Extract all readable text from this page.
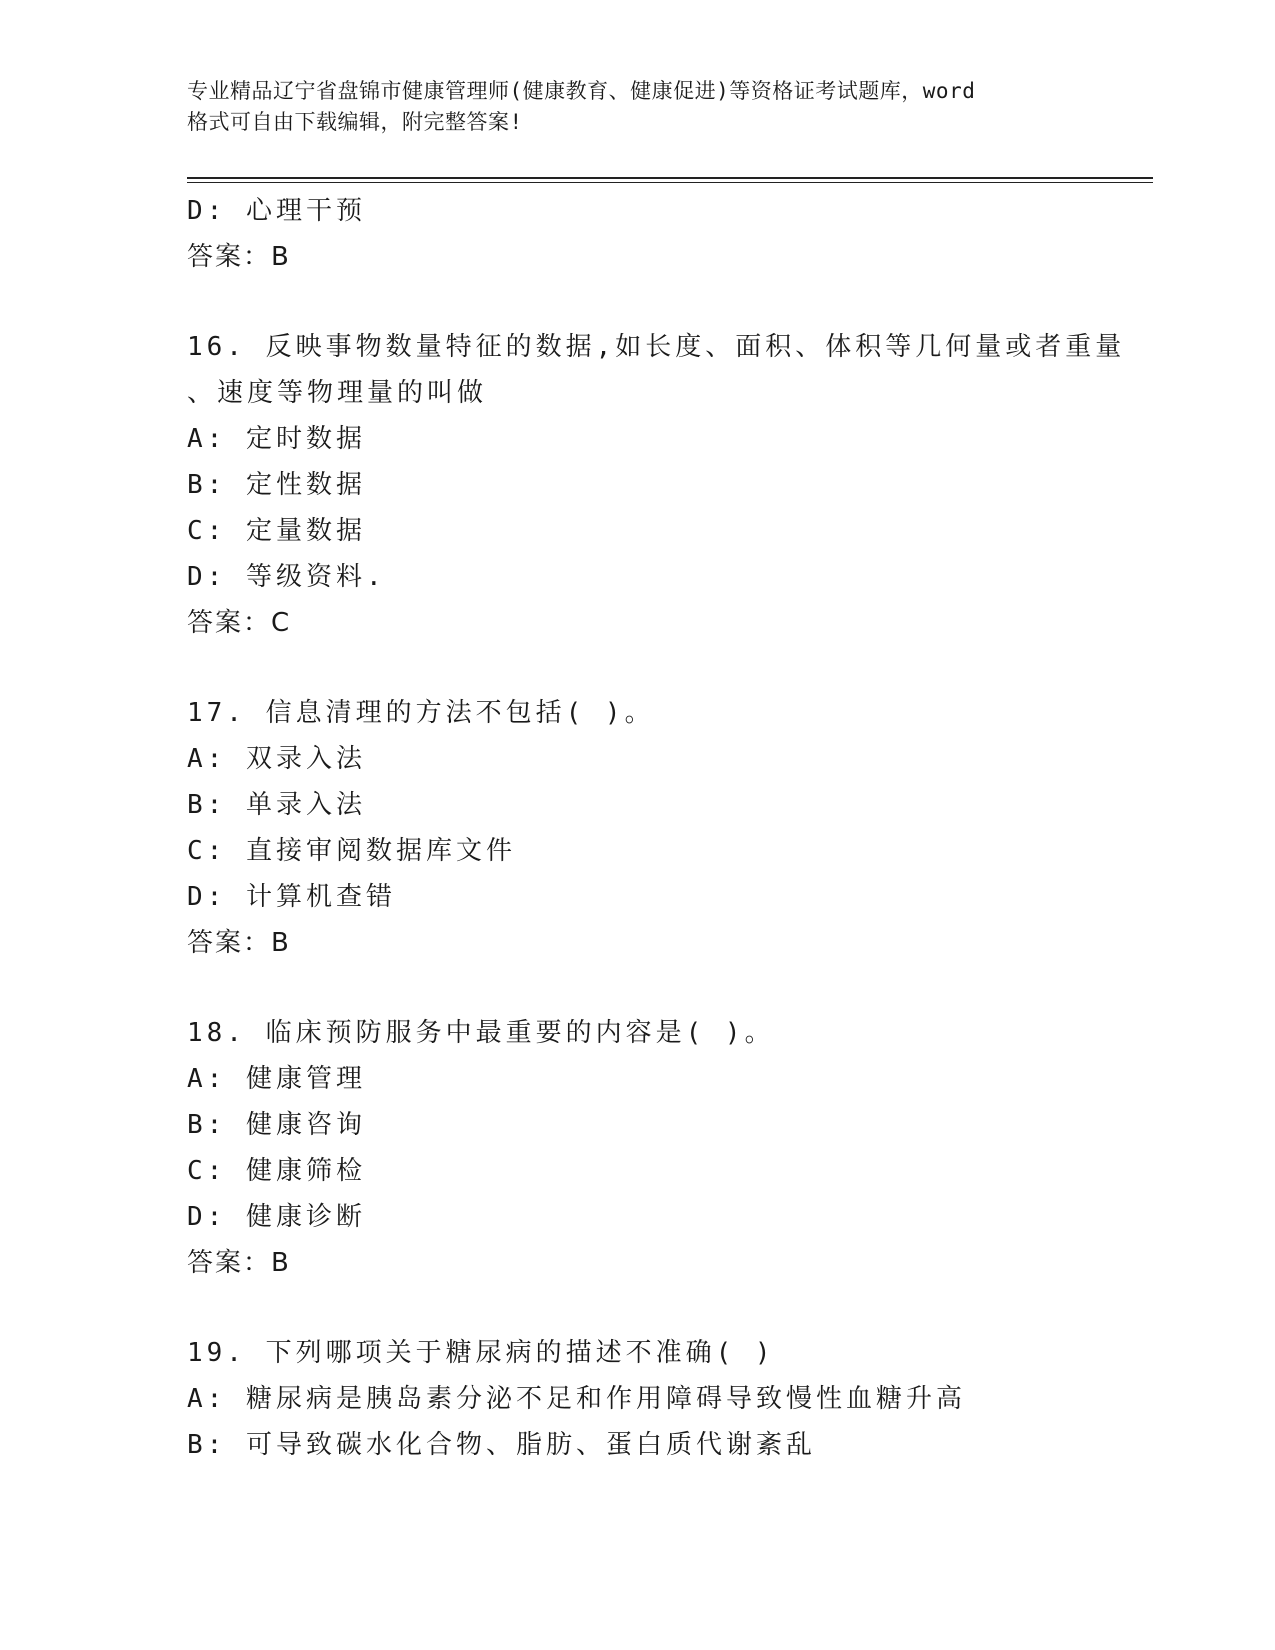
专业精品辽宁省盘锦市健康管理师(健康教育、健康促进)等资格证考试题库，word
格式可自由下载编辑，附完整答案!
D: 心理干预
答案：B
16. 反映事物数量特征的数据,如长度、面积、体积等几何量或者重量
、速度等物理量的叫做
A: 定时数据
B: 定性数据
C: 定量数据
D: 等级资料.
答案：C
17. 信息清理的方法不包括( )。
A: 双录入法
B: 单录入法
C: 直接审阅数据库文件
D: 计算机查错
答案：B
18. 临床预防服务中最重要的内容是( )。
A: 健康管理
B: 健康咨询
C: 健康筛检
D: 健康诊断
答案：B
19. 下列哪项关于糖尿病的描述不准确( )
A: 糖尿病是胰岛素分泌不足和作用障碍导致慢性血糖升高
B: 可导致碳水化合物、脂肪、蛋白质代谢紊乱
